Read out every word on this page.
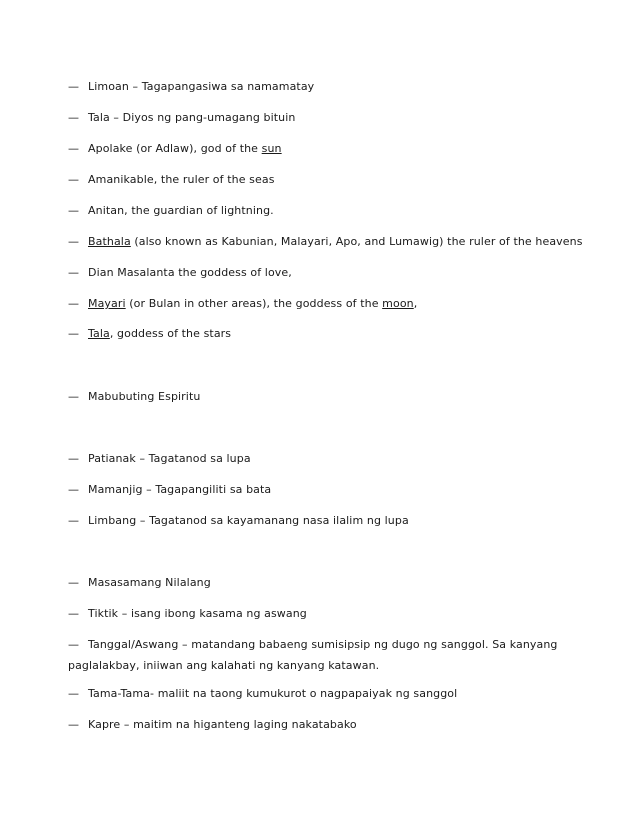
— Limoan – Tagapangasiwa sa namamatay
— Tala – Diyos ng pang-umagang bituin
— Apolake (or Adlaw), god of the sun
— Amanikable, the ruler of the seas
— Anitan, the guardian of lightning.
— Bathala (also known as Kabunian, Malayari, Apo, and Lumawig) the ruler of the heavens
— Dian Masalanta the goddess of love,
— Mayari (or Bulan in other areas), the goddess of the moon,
— Tala, goddess of the stars
— Mabubuting Espiritu
— Patianak – Tagatanod sa lupa
— Mamanjig – Tagapangiliti sa bata
— Limbang – Tagatanod sa kayamanang nasa ilalim ng lupa
— Masasamang Nilalang
— Tiktik – isang ibong kasama ng aswang
— Tanggal/Aswang – matandang babaeng sumisipsip ng dugo ng sanggol. Sa kanyang paglalakbay, iniiwan ang kalahati ng kanyang katawan.
— Tama-Tama- maliit na taong kumukurot o nagpapaiyak ng sanggol
— Kapre – maitim na higanteng laging nakatabako
